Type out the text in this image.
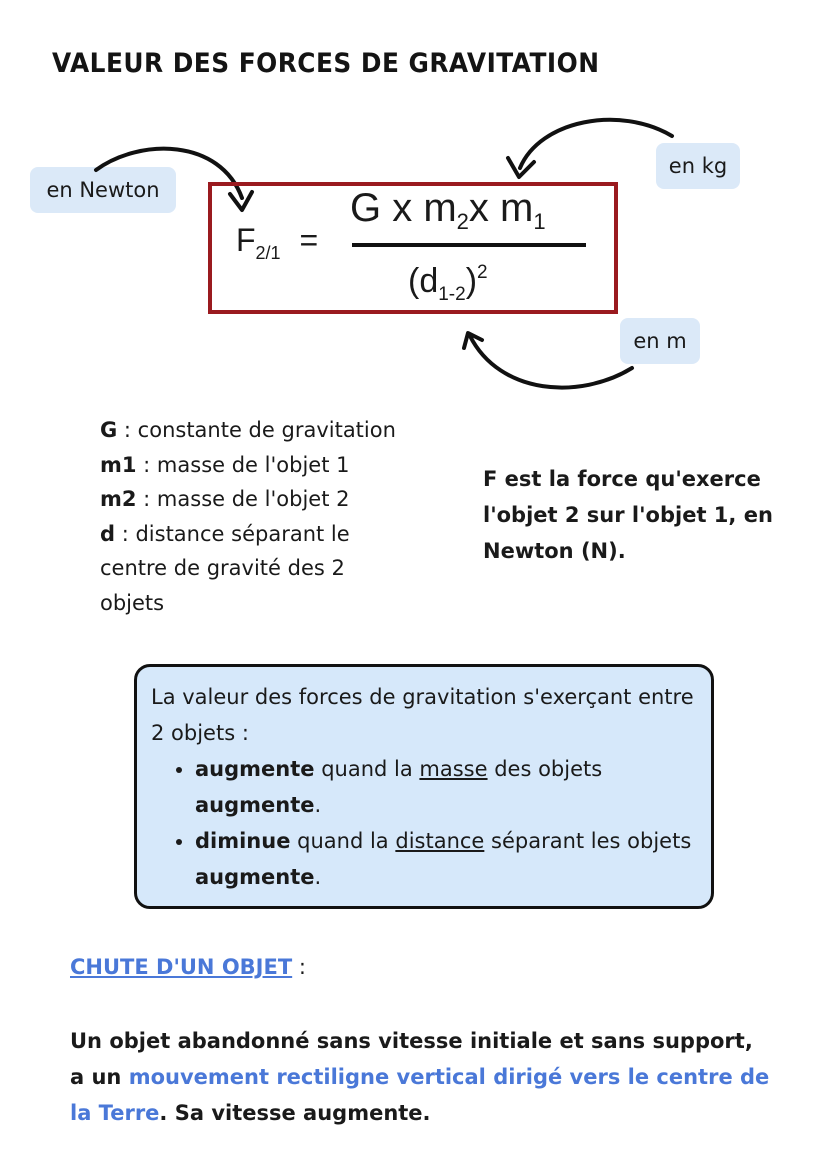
VALEUR DES FORCES DE GRAVITATION
en Newton
en kg
en m
$F_{2/1}$ =
G x $m_2x$ $m_1$
$(d_{1-2})^2$
G : constante de gravitation
m1 : masse de l'objet 1
m2 : masse de l'objet 2
d : distance séparant le centre de gravité des 2 objets
F est la force qu'exerce l'objet 2 sur l'objet 1, en Newton (N).
La valeur des forces de gravitation s'exerçant entre 2 objets :
• augmente quand la masse des objets augmente.
• diminue quand la distance séparant les objets augmente.
CHUTE D'UN OBJET :
Un objet abandonné sans vitesse initiale et sans support, a un mouvement rectiligne vertical dirigé vers le centre de la Terre. Sa vitesse augmente.
